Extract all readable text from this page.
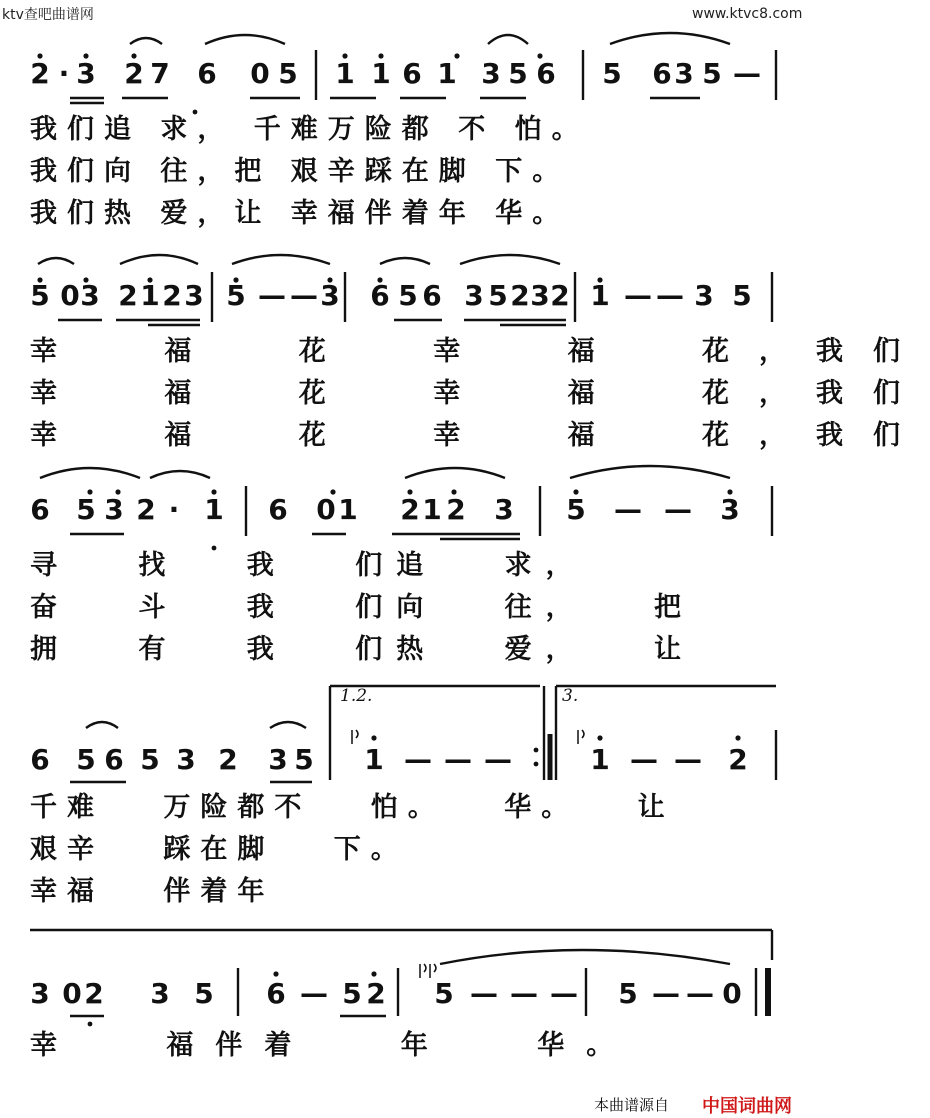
ktv查吧曲谱网	www.ktvc8.com
2 · 3 2 7 6 0 5 1 1 6 1 3 5 6 5 6 3 5 —
我们追 求， 千难万险都 不 怕。
我们向 往，把 艰辛踩在脚 下。
我们热 爱，让 幸福伴着年 华。
5 0 3 2 1 2 3 5 — — 3 6 5 6 3 5 2 3 2 1 — — 3 5
幸 福 花 幸 福 花，我们
幸 福 花 幸 福 花，我们
幸 福 花 幸 福 花，我们
6 5 3 2 · 1 6 0 1 2 1 2 3 5 — — 3
寻 找 我 们追 求，
奋 斗 我 们向 往， 把
拥 有 我 们热 爱， 让
1.2.	3.
6 5 6 5 3 2 3 5 1 — — —	1 — — 2
千难 万险都不 怕。 华。 让
艰辛 踩在脚 下。
幸福 伴着年
3 0 2 3 5 6 — 5 2 5 — — — 5 — — 0
幸 福伴着 年 华。
本曲谱源自 中国词曲网
